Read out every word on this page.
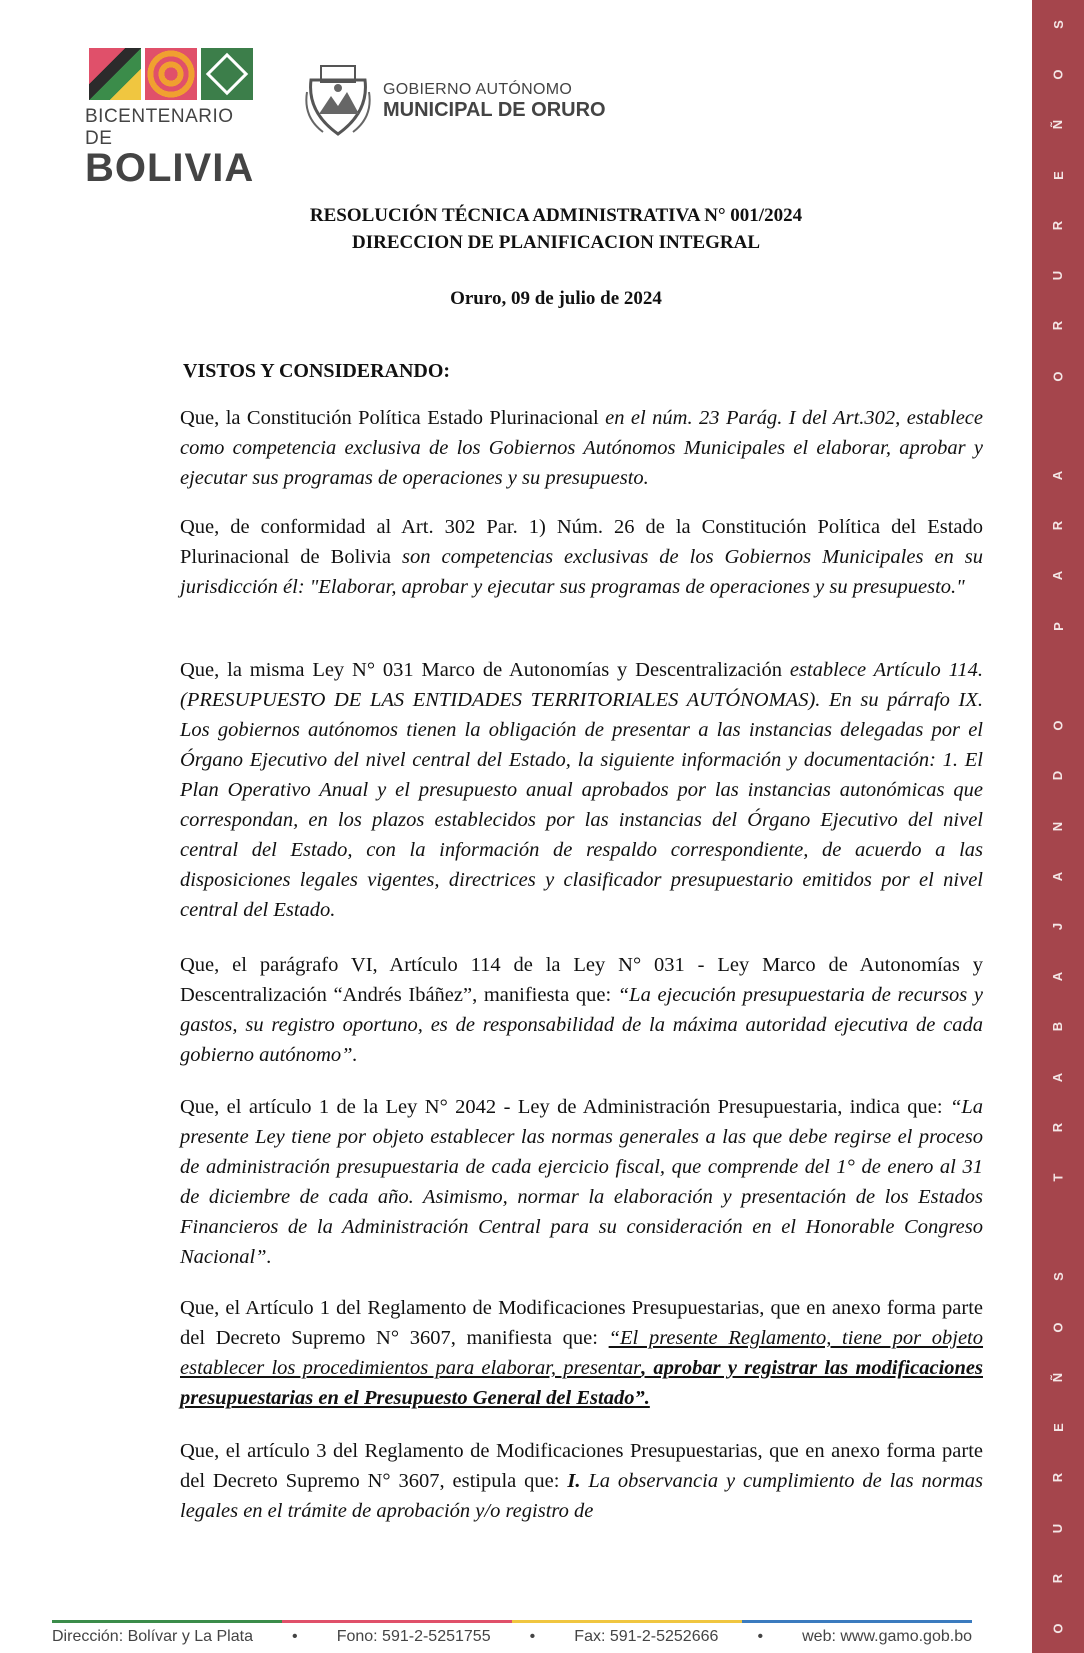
S
O
Ñ
E
R
U
R
O
A
R
A
P
O
D
N
A
J
A
B
A
R
T
S
O
Ñ
E
R
U
R
O
BICENTENARIO DE
BOLIVIA
GOBIERNO AUTÓNOMO
MUNICIPAL DE ORURO
RESOLUCIÓN TÉCNICA ADMINISTRATIVA N° 001/2024
DIRECCION DE PLANIFICACION INTEGRAL
Oruro, 09 de julio de 2024
VISTOS Y CONSIDERANDO:
Que, la Constitución Política Estado Plurinacional en el núm. 23 Parág. I del Art.302, establece como competencia exclusiva de los Gobiernos Autónomos Municipales el elaborar, aprobar y ejecutar sus programas de operaciones y su presupuesto.
Que, de conformidad al Art. 302 Par. 1) Núm. 26 de la Constitución Política del Estado Plurinacional de Bolivia son competencias exclusivas de los Gobiernos Municipales en su jurisdicción él: "Elaborar, aprobar y ejecutar sus programas de operaciones y su presupuesto."
Que, la misma Ley N° 031 Marco de Autonomías y Descentralización establece Artículo 114. (PRESUPUESTO DE LAS ENTIDADES TERRITORIALES AUTÓNOMAS). En su párrafo IX. Los gobiernos autónomos tienen la obligación de presentar a las instancias delegadas por el Órgano Ejecutivo del nivel central del Estado, la siguiente información y documentación: 1. El Plan Operativo Anual y el presupuesto anual aprobados por las instancias autonómicas que correspondan, en los plazos establecidos por las instancias del Órgano Ejecutivo del nivel central del Estado, con la información de respaldo correspondiente, de acuerdo a las disposiciones legales vigentes, directrices y clasificador presupuestario emitidos por el nivel central del Estado.
Que, el parágrafo VI, Artículo 114 de la Ley N° 031 - Ley Marco de Autonomías y Descentralización “Andrés Ibáñez”, manifiesta que: “La ejecución presupuestaria de recursos y gastos, su registro oportuno, es de responsabilidad de la máxima autoridad ejecutiva de cada gobierno autónomo”.
Que, el artículo 1 de la Ley N° 2042 - Ley de Administración Presupuestaria, indica que: “La presente Ley tiene por objeto establecer las normas generales a las que debe regirse el proceso de administración presupuestaria de cada ejercicio fiscal, que comprende del 1° de enero al 31 de diciembre de cada año. Asimismo, normar la elaboración y presentación de los Estados Financieros de la Administración Central para su consideración en el Honorable Congreso Nacional”.
Que, el Artículo 1 del Reglamento de Modificaciones Presupuestarias, que en anexo forma parte del Decreto Supremo N° 3607, manifiesta que: “El presente Reglamento, tiene por objeto establecer los procedimientos para elaborar, presentar, aprobar y registrar las modificaciones presupuestarias en el Presupuesto General del Estado”.
Que, el artículo 3 del Reglamento de Modificaciones Presupuestarias, que en anexo forma parte del Decreto Supremo N° 3607, estipula que: I. La observancia y cumplimiento de las normas legales en el trámite de aprobación y/o registro de
Dirección: Bolívar y La Plata • Fono: 591-2-5251755 • Fax: 591-2-5252666 • web: www.gamo.gob.bo
